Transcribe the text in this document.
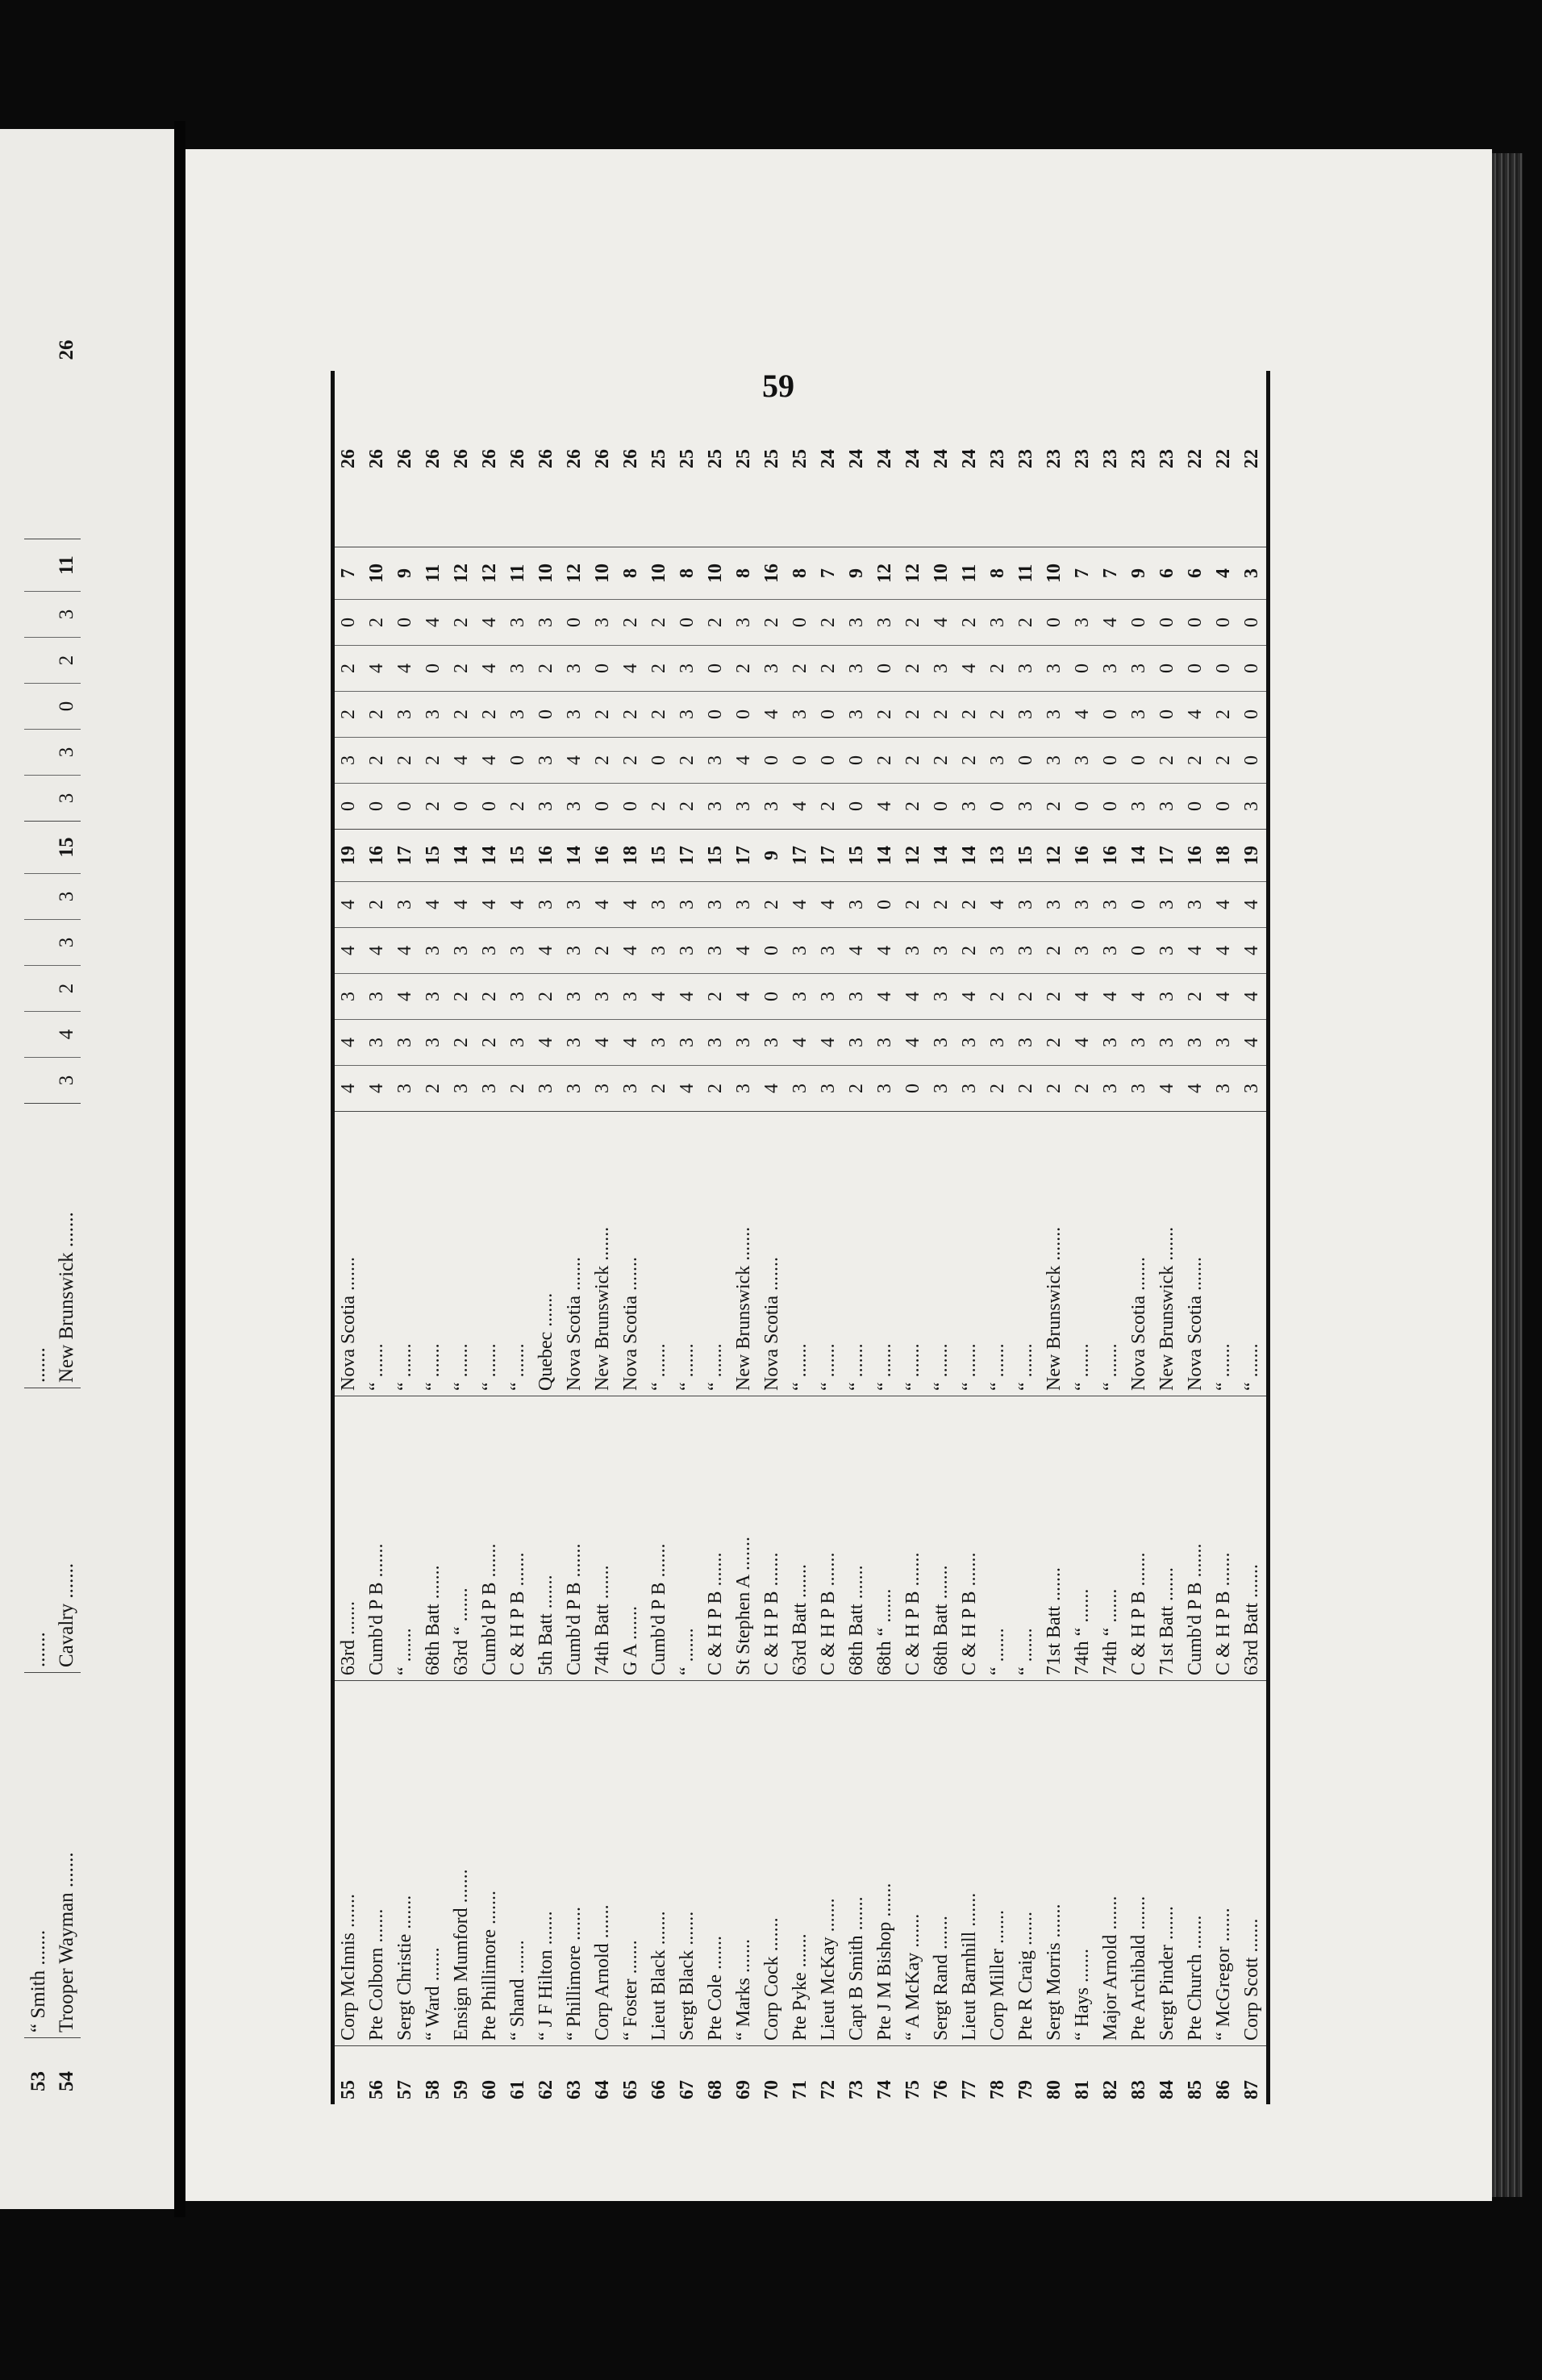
59
53	“ Smith .......	.......	.......													
54	Trooper Wayman .......	Cavalry .......	New Brunswick .......	3	4	2	3	3	15	3	3	0	2	3	11	26
55	Corp McInnis .......	63rd .......	Nova Scotia .......	4	4	3	4	4	19	0	3	2	2	0	7	26
56	Pte Colborn .......	Cumb'd P B .......	“ .......	4	3	3	4	2	16	0	2	2	4	2	10	26
57	Sergt Christie .......	“ .......	“ .......	3	3	4	4	3	17	0	2	3	4	0	9	26
58	“ Ward .......	68th Batt .......	“ .......	2	3	3	3	4	15	2	2	3	0	4	11	26
59	Ensign Mumford .......	63rd “ .......	“ .......	3	2	2	3	4	14	0	4	2	2	2	12	26
60	Pte Phillimore .......	Cumb'd P B .......	“ .......	3	2	2	3	4	14	0	4	2	4	4	12	26
61	“ Shand .......	C & H P B .......	“ .......	2	3	3	3	4	15	2	0	3	3	3	11	26
62	“ J F Hilton .......	5th Batt .......	Quebec .......	3	4	2	4	3	16	3	3	0	2	3	10	26
63	“ Phillimore .......	Cumb'd P B .......	Nova Scotia .......	3	3	3	3	3	14	3	4	3	3	0	12	26
64	Corp Arnold .......	74th Batt .......	New Brunswick .......	3	4	3	2	4	16	0	2	2	0	3	10	26
65	“ Foster .......	G A .......	Nova Scotia .......	3	4	3	4	4	18	0	2	2	4	2	8	26
66	Lieut Black .......	Cumb'd P B .......	“ .......	2	3	4	3	3	15	2	0	2	2	2	10	25
67	Sergt Black .......	“ .......	“ .......	4	3	4	3	3	17	2	2	3	3	0	8	25
68	Pte Cole .......	C & H P B .......	“ .......	2	3	2	3	3	15	3	3	0	0	2	10	25
69	“ Marks .......	St Stephen A .......	New Brunswick .......	3	3	4	4	3	17	3	4	0	2	3	8	25
70	Corp Cock .......	C & H P B .......	Nova Scotia .......	4	3	0	0	2	9	3	0	4	3	2	16	25
71	Pte Pyke .......	63rd Batt .......	“ .......	3	4	3	3	4	17	4	0	3	2	0	8	25
72	Lieut McKay .......	C & H P B .......	“ .......	3	4	3	3	4	17	2	0	0	2	2	7	24
73	Capt B Smith .......	68th Batt .......	“ .......	2	3	3	4	3	15	0	0	3	3	3	9	24
74	Pte J M Bishop .......	68th “ .......	“ .......	3	3	4	4	0	14	4	2	2	0	3	12	24
75	“ A McKay .......	C & H P B .......	“ .......	0	4	4	3	2	12	2	2	2	2	2	12	24
76	Sergt Rand .......	68th Batt .......	“ .......	3	3	3	3	2	14	0	2	2	3	4	10	24
77	Lieut Barnhill .......	C & H P B .......	“ .......	3	3	4	2	2	14	3	2	2	4	2	11	24
78	Corp Miller .......	“ .......	“ .......	2	3	2	3	4	13	0	3	2	2	3	8	23
79	Pte R Craig .......	“ .......	“ .......	2	3	2	3	3	15	3	0	3	3	2	11	23
80	Sergt Morris .......	71st Batt .......	New Brunswick .......	2	2	2	2	3	12	2	3	3	3	0	10	23
81	“ Hays .......	74th “ .......	“ .......	2	4	4	3	3	16	0	3	4	0	3	7	23
82	Major Arnold .......	74th “ .......	“ .......	3	3	4	3	3	16	0	0	0	3	4	7	23
83	Pte Archibald .......	C & H P B .......	Nova Scotia .......	3	3	4	0	0	14	3	0	3	3	0	9	23
84	Sergt Pinder .......	71st Batt .......	New Brunswick .......	4	3	3	3	3	17	3	2	0	0	0	6	23
85	Pte Church .......	Cumb'd P B .......	Nova Scotia .......	4	3	2	4	3	16	0	2	4	0	0	6	22
86	“ McGregor .......	C & H P B .......	“ .......	3	3	4	4	4	18	0	2	2	0	0	4	22
87	Corp Scott .......	63rd Batt .......	“ .......	3	4	4	4	4	19	3	0	0	0	0	3	22
